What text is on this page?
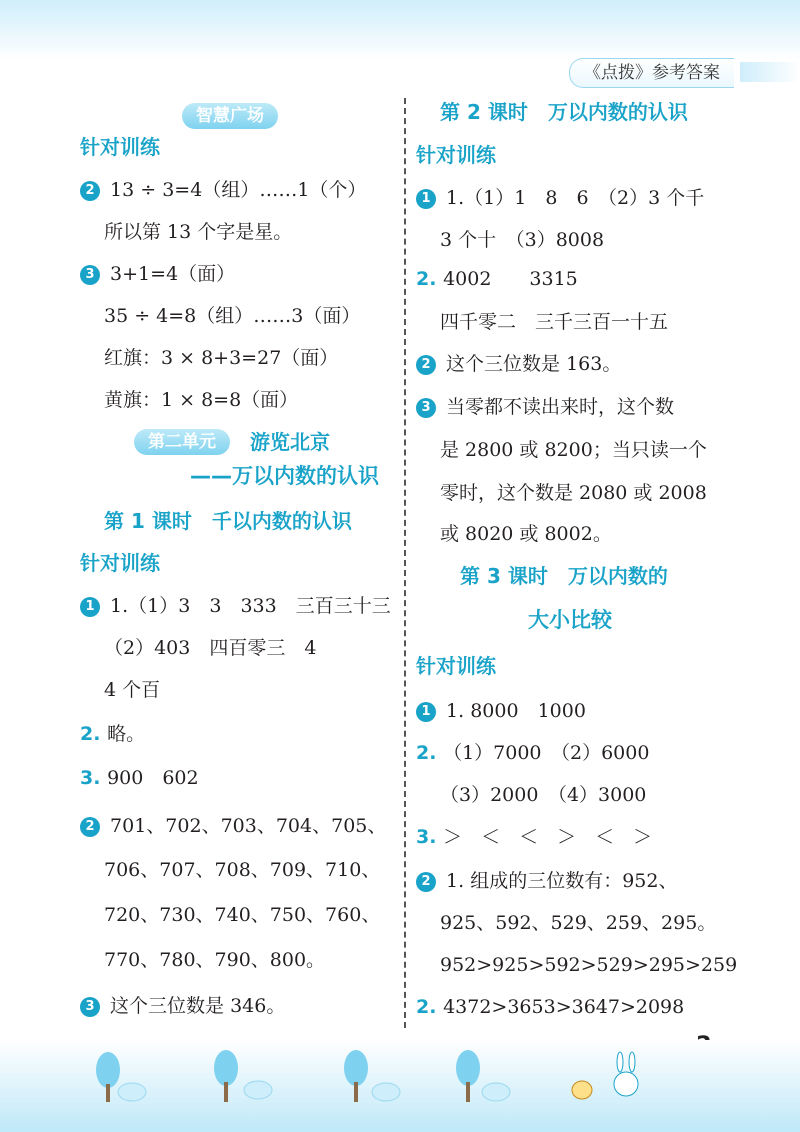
《点拨》参考答案
智慧广场
针对训练
2 13 ÷ 3=4（组）……1（个）
所以第 13 个字是星。
3 3+1=4（面）
35 ÷ 4=8（组）……3（面）
红旗：3 × 8+3=27（面）
黄旗：1 × 8=8（面）
第二单元	游览北京
——万以内数的认识
第 1 课时　千以内数的认识
针对训练
1 1.（1）3　3　333　三百三十三
（2）403　四百零三　4
4 个百
2. 略。
3. 900　602
2 701、702、703、704、705、
706、707、708、709、710、
720、730、740、750、760、
770、780、790、800。
3 这个三位数是 346。
第 2 课时　万以内数的认识
针对训练
1 1.（1）1　8　6　（2）3 个千
3 个十　（3）8008
2. 4002　　3315
四千零二　三千三百一十五
2 这个三位数是 163。
3 当零都不读出来时，这个数
是 2800 或 8200；当只读一个
零时，这个数是 2080 或 2008
或 8020 或 8002。
第 3 课时　万以内数的
大小比较
针对训练
1 1. 8000　1000
2. （1）7000　（2）6000
（3）2000　（4）3000
3. ＞　＜　＜　＞　＜　＞
2 1. 组成的三位数有：952、
925、592、529、259、295。
952>925>592>529>295>259
2. 4372>3653>3647>2098
